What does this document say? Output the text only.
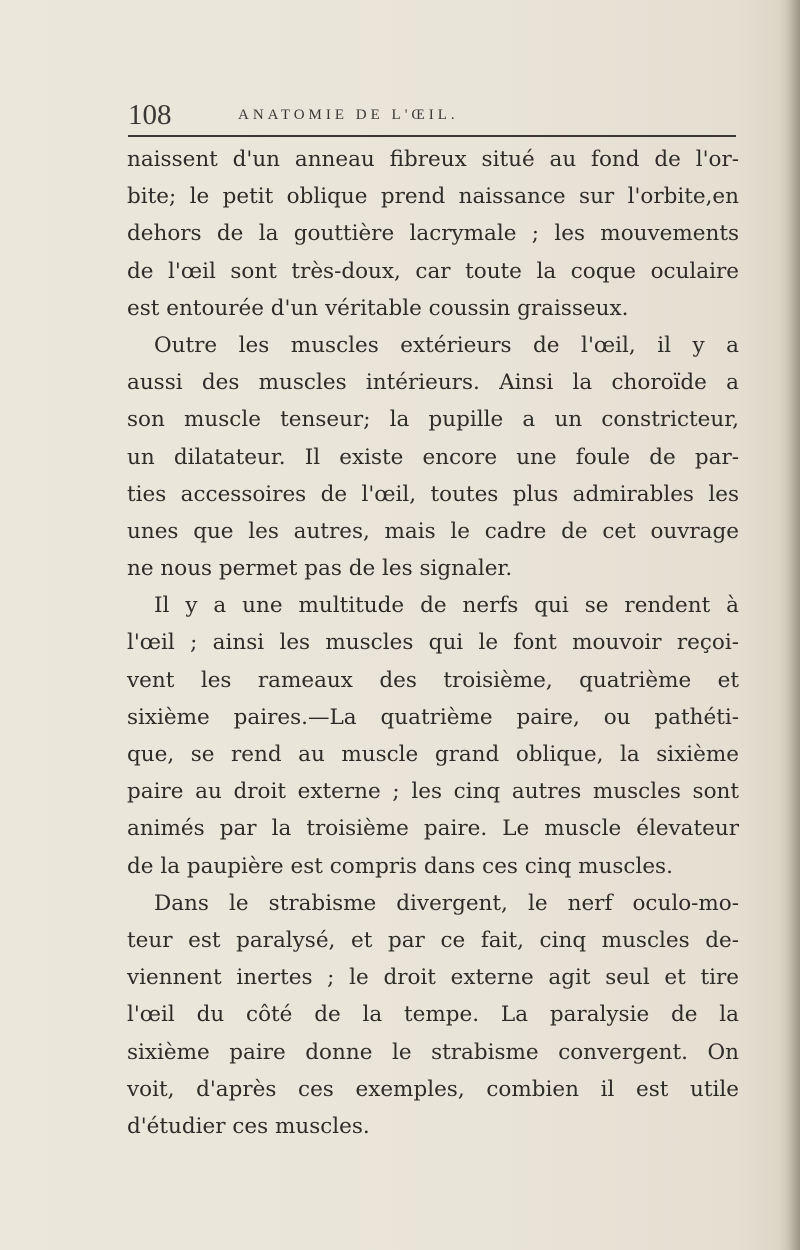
108	ANATOMIE DE L'ŒIL.
naissent d'un anneau fibreux situé au fond de l'or-
bite; le petit oblique prend naissance sur l'orbite,en
dehors de la gouttière lacrymale ; les mouvements
de l'œil sont très-doux, car toute la coque oculaire
est entourée d'un véritable coussin graisseux.
Outre les muscles extérieurs de l'œil, il y a
aussi des muscles intérieurs. Ainsi la choroïde a
son muscle tenseur; la pupille a un constricteur,
un dilatateur. Il existe encore une foule de par-
ties accessoires de l'œil, toutes plus admirables les
unes que les autres, mais le cadre de cet ouvrage
ne nous permet pas de les signaler.
Il y a une multitude de nerfs qui se rendent à
l'œil ; ainsi les muscles qui le font mouvoir reçoi-
vent les rameaux des troisième, quatrième et
sixième paires.—La quatrième paire, ou pathéti-
que, se rend au muscle grand oblique, la sixième
paire au droit externe ; les cinq autres muscles sont
animés par la troisième paire. Le muscle élevateur
de la paupière est compris dans ces cinq muscles.
Dans le strabisme divergent, le nerf oculo-mo-
teur est paralysé, et par ce fait, cinq muscles de-
viennent inertes ; le droit externe agit seul et tire
l'œil du côté de la tempe. La paralysie de la
sixième paire donne le strabisme convergent. On
voit, d'après ces exemples, combien il est utile
d'étudier ces muscles.
